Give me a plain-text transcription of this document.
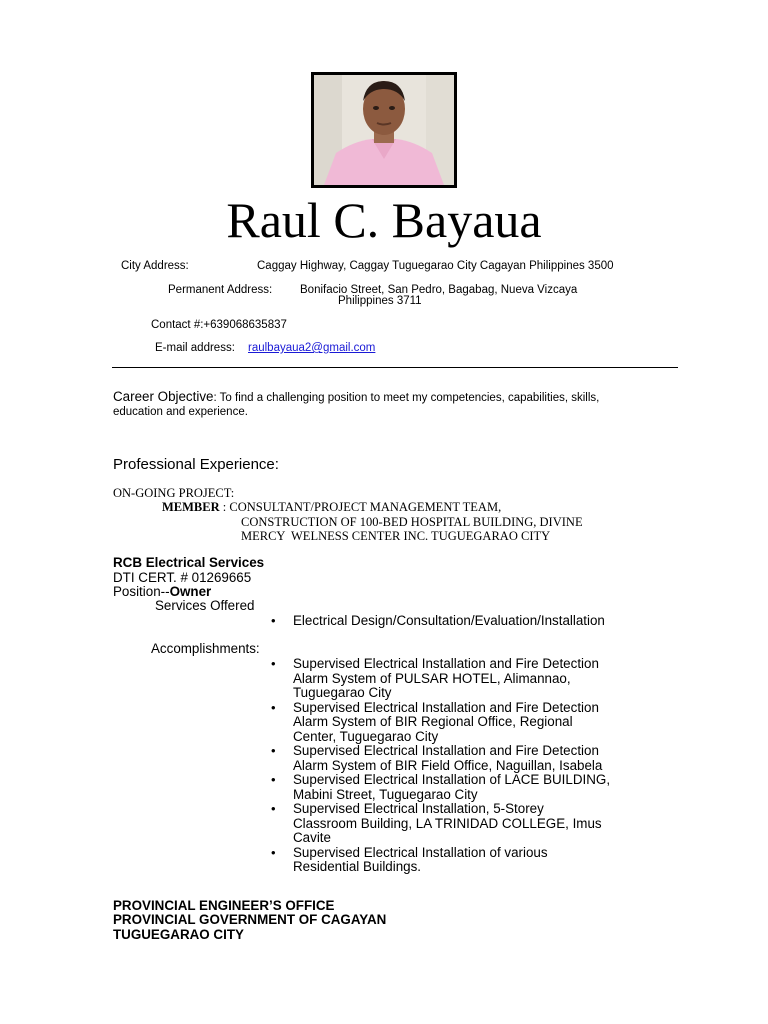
Raul C. Bayaua
City Address:	Caggay Highway, Caggay Tuguegarao City Cagayan Philippines 3500
Permanent Address: Bonifacio Street, San Pedro, Bagabag, Nueva Vizcaya
Philippines 3711
Contact #:+639068635837
E-mail address: raulbayaua2@gmail.com
Career Objective: To find a challenging position to meet my competencies, capabilities, skills,
education and experience.
Professional Experience:
ON-GOING PROJECT:
MEMBER : CONSULTANT/PROJECT MANAGEMENT TEAM,
CONSTRUCTION OF 100-BED HOSPITAL BUILDING, DIVINE
MERCY  WELNESS CENTER INC. TUGUEGARAO CITY
RCB Electrical Services
DTI CERT. # 01269665
Position--Owner
Services Offered
• Electrical Design/Consultation/Evaluation/Installation
Accomplishments:
• Supervised Electrical Installation and Fire Detection
Alarm System of PULSAR HOTEL, Alimannao,
Tuguegarao City
• Supervised Electrical Installation and Fire Detection
Alarm System of BIR Regional Office, Regional
Center, Tuguegarao City
• Supervised Electrical Installation and Fire Detection
Alarm System of BIR Field Office, Naguillan, Isabela
• Supervised Electrical Installation of LACE BUILDING,
Mabini Street, Tuguegarao City
• Supervised Electrical Installation, 5-Storey
Classroom Building, LA TRINIDAD COLLEGE, Imus
Cavite
• Supervised Electrical Installation of various
Residential Buildings.
PROVINCIAL ENGINEER’S OFFICE
PROVINCIAL GOVERNMENT OF CAGAYAN
TUGUEGARAO CITY
